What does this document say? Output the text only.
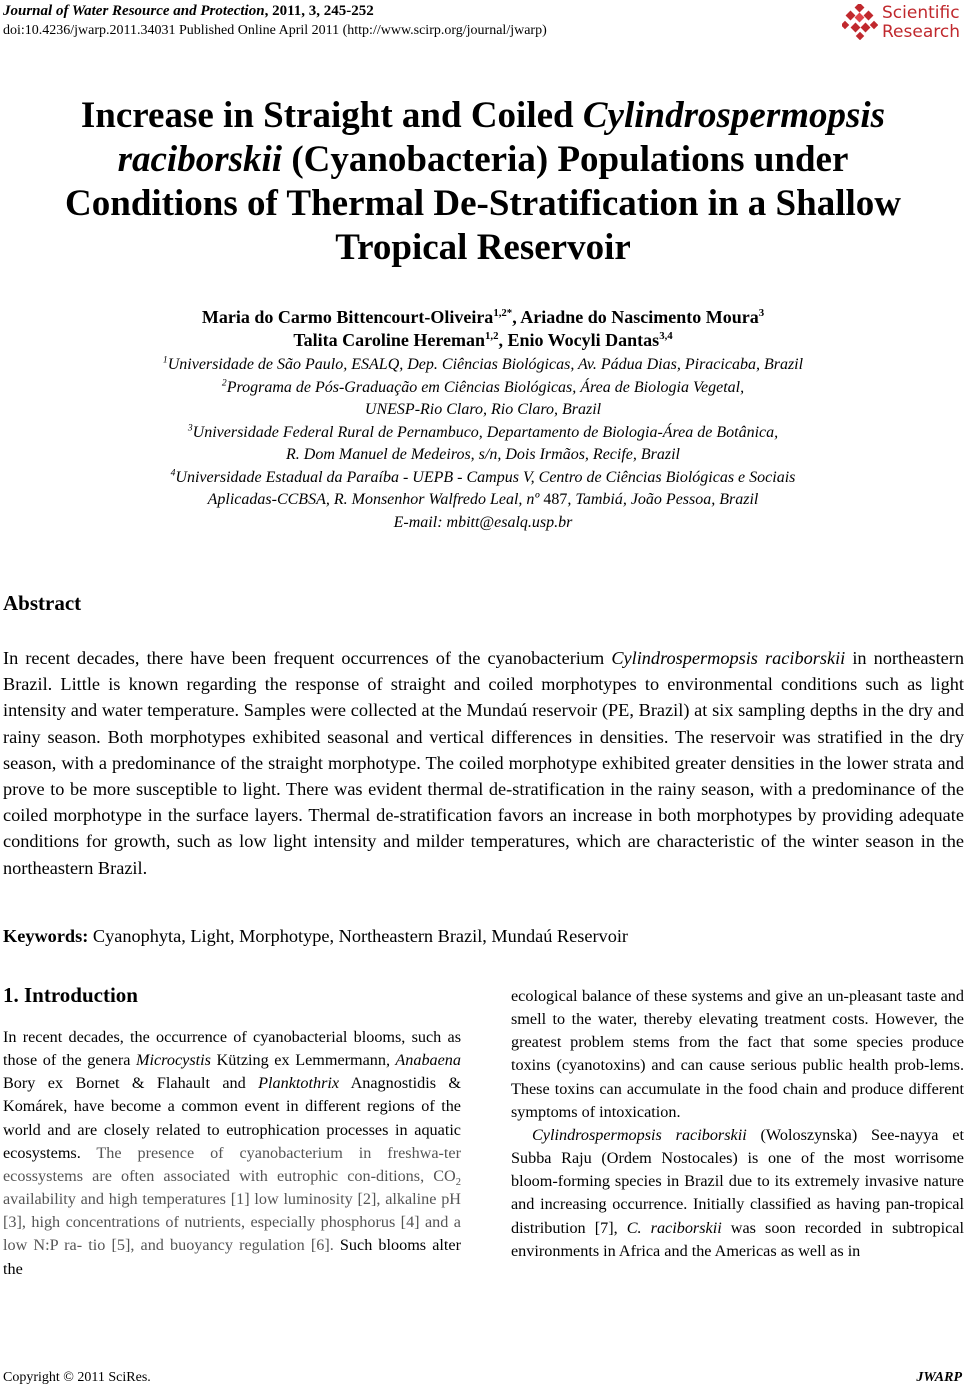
Journal of Water Resource and Protection, 2011, 3, 245-252
doi:10.4236/jwarp.2011.34031 Published Online April 2011 (http://www.scirp.org/journal/jwarp)
Scientific
Research
Increase in Straight and Coiled Cylindrospermopsis raciborskii (Cyanobacteria) Populations under Conditions of Thermal De-Stratification in a Shallow Tropical Reservoir
Maria do Carmo Bittencourt-Oliveira$^{1,2*}$, Ariadne do Nascimento Moura$^3$
Talita Caroline Hereman$^{1,2}$, Enio Wocyli Dantas$^{3,4}$
$^1$Universidade de São Paulo, ESALQ, Dep. Ciências Biológicas, Av. Pádua Dias, Piracicaba, Brazil
$^2$Programa de Pós-Graduação em Ciências Biológicas, Área de Biologia Vegetal,
UNESP-Rio Claro, Rio Claro, Brazil
$^3$Universidade Federal Rural de Pernambuco, Departamento de Biologia-Área de Botânica,
R. Dom Manuel de Medeiros, s/n, Dois Irmãos, Recife, Brazil
$^4$Universidade Estadual da Paraíba - UEPB - Campus V, Centro de Ciências Biológicas e Sociais
Aplicadas-CCBSA, R. Monsenhor Walfredo Leal, nº 487, Tambiá, João Pessoa, Brazil
E-mail: mbitt@esalq.usp.br
Abstract
In recent decades, there have been frequent occurrences of the cyanobacterium Cylindrospermopsis raciborskii in northeastern Brazil. Little is known regarding the response of straight and coiled morphotypes to environmental conditions such as light intensity and water temperature. Samples were collected at the Mundaú reservoir (PE, Brazil) at six sampling depths in the dry and rainy season. Both morphotypes exhibited seasonal and vertical differences in densities. The reservoir was stratified in the dry season, with a predominance of the straight morphotype. The coiled morphotype exhibited greater densities in the lower strata and prove to be more susceptible to light. There was evident thermal de-stratification in the rainy season, with a predominance of the coiled morphotype in the surface layers. Thermal de-stratification favors an increase in both morphotypes by providing adequate conditions for growth, such as low light intensity and milder temperatures, which are characteristic of the winter season in the northeastern Brazil.
Keywords: Cyanophyta, Light, Morphotype, Northeastern Brazil, Mundaú Reservoir
1. Introduction

In recent decades, the occurrence of cyanobacterial blooms, such as those of the genera Microcystis Kützing ex Lemmermann, Anabaena Bory ex Bornet & Flahault and Planktothrix Anagnostidis & Komárek, have become a common event in different regions of the world and are closely related to eutrophication processes in aquatic ecosystems. The presence of cyanobacterium in freshwa-ter ecossystems are often associated with eutrophic con-ditions, $CO_2$ availability and high temperatures [1] low luminosity [2], alkaline pH [3], high concentrations of nutrients, especially phosphorus [4] and a low N:P ra- tio [5], and buoyancy regulation [6]. Such blooms alter the

ecological balance of these systems and give an un-pleasant taste and smell to the water, thereby elevating treatment costs. However, the greatest problem stems from the fact that some species produce toxins (cyanotoxins) and can cause serious public health prob-lems. These toxins can accumulate in the food chain and produce different symptoms of intoxication.

Cylindrospermopsis raciborskii (Woloszynska) See-nayya et Subba Raju (Ordem Nostocales) is one of the most worrisome bloom-forming species in Brazil due to its extremely invasive nature and increasing occurrence. Initially classified as having pan-tropical distribution [7], C. raciborskii was soon recorded in subtropical environments in Africa and the Americas as well as in

Copyright © 2011 SciRes.	JWARP
